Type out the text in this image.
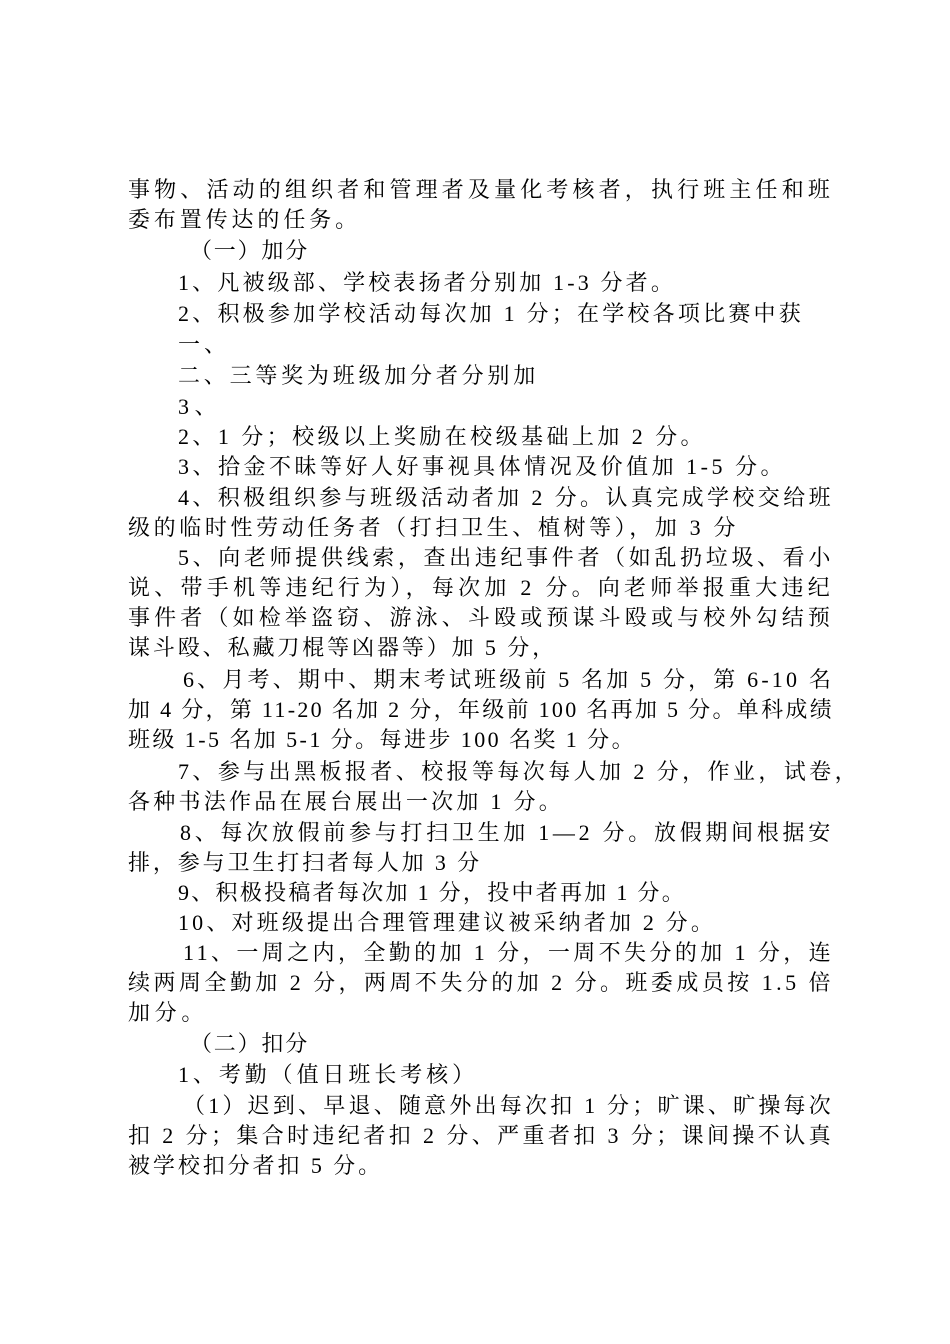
事物、活动的组织者和管理者及量化考核者，执行班主任和班
委布置传达的任务。
（一）加分
1、凡被级部、学校表扬者分别加 1-3 分者。
2、积极参加学校活动每次加 1 分；在学校各项比赛中获
一、
二、三等奖为班级加分者分别加
3、
2、1 分；校级以上奖励在校级基础上加 2 分。
3、拾金不昧等好人好事视具体情况及价值加 1-5 分。
4、积极组织参与班级活动者加 2 分。认真完成学校交给班
级的临时性劳动任务者（打扫卫生、植树等），加 3 分
5、向老师提供线索，查出违纪事件者（如乱扔垃圾、看小
说、带手机等违纪行为），每次加 2 分。向老师举报重大违纪
事件者（如检举盗窃、游泳、斗殴或预谋斗殴或与校外勾结预
谋斗殴、私藏刀棍等凶器等）加 5 分，
6、月考、期中、期末考试班级前 5 名加 5 分，第 6-10 名
加 4 分，第 11-20 名加 2 分，年级前 100 名再加 5 分。单科成绩
班级 1-5 名加 5-1 分。每进步 100 名奖 1 分。
7、参与出黑板报者、校报等每次每人加 2 分，作业，试卷，
各种书法作品在展台展出一次加 1 分。
8、每次放假前参与打扫卫生加 1—2 分。放假期间根据安
排，参与卫生打扫者每人加 3 分
9、积极投稿者每次加 1 分，投中者再加 1 分。
10、对班级提出合理管理建议被采纳者加 2 分。
11、一周之内，全勤的加 1 分，一周不失分的加 1 分，连
续两周全勤加 2 分，两周不失分的加 2 分。班委成员按 1.5 倍
加分。
（二）扣分
1、考勤（值日班长考核）
（1）迟到、早退、随意外出每次扣 1 分；旷课、旷操每次
扣 2 分；集合时违纪者扣 2 分、严重者扣 3 分；课间操不认真
被学校扣分者扣 5 分。
